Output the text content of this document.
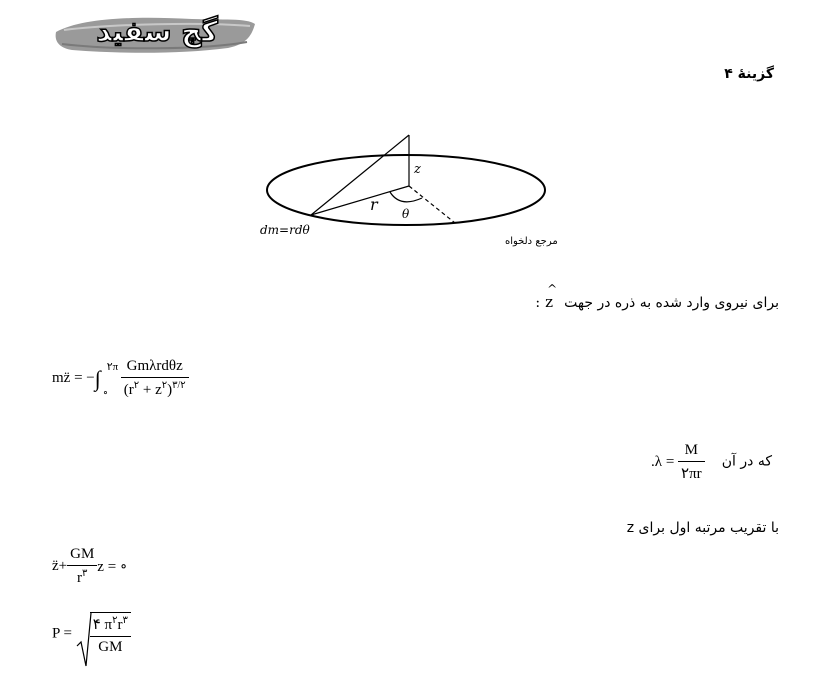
گچ سفید
گزینهٔ ۴
z
r θ
dm=rdθ
مرجع دلخواه
برای نیروی وارد شده به ذره در جهت
^
z :
mz̈ = −∫ ۲π
∘ $\frac{\text{Gmλrdθz}}{(r^۲ + z^۲)^{۳/۲}}$
که در آن $.\lambda = \frac{M}{۲\pi r}$
با تقریب مرتبه اول برای z
z̈+ $\frac{GM}{r^۳}$ z = ∘
$P = \frac{۴ \pi^۲r^۳}{GM}$
